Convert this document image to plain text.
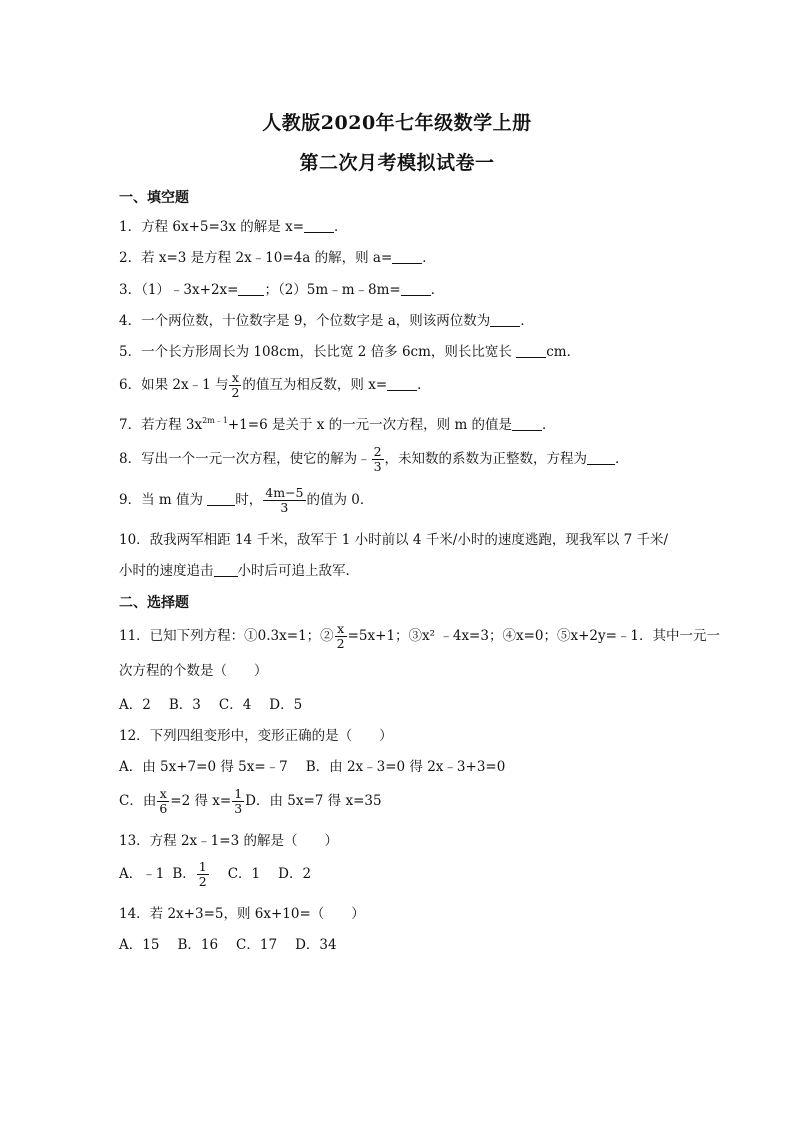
人教版2020年七年级数学上册
第二次月考模拟试卷一
一、填空题
1．方程 6x+5=3x 的解是 x= ．
2．若 x=3 是方程 2x﹣10=4a 的解，则 a= ．
3．（1）﹣3x+2x= ；（2）5m﹣m﹣8m= ．
4．一个两位数，十位数字是 9，个位数字是 a，则该两位数为 ．
5．一个长方形周长为 108cm，长比宽 2 倍多 6cm，则长比宽长 cm．
6．如果 2x﹣1 与 $\frac{x}{2}$ 的值互为相反数，则 x= ．
7．若方程 $3x^{2m﹣1}+1=6$ 是关于 x 的一元一次方程，则 m 的值是 ．
8．写出一个一元一次方程，使它的解为﹣ $\frac{2}{3}$ ，未知数的系数为正整数，方程为 ．
9．当 m 值为 时， $\frac{4m-5}{3}$ 的值为 0．
10．敌我两军相距 14 千米，敌军于 1 小时前以 4 千米/小时的速度逃跑，现我军以 7 千米/
小时的速度追击 小时后可追上敌军．
二、选择题
11．已知下列方程：①0.3x=1；② $\frac{x}{2} =5x+1$；③x² ﹣4x=3；④x=0；⑤x+2y=﹣1．其中一元一
次方程的个数是（　　）
A．2 B．3 C．4 D．5
12．下列四组变形中，变形正确的是（　　）
A．由 5x+7=0 得 5x=﹣7 B．由 2x﹣3=0 得 2x﹣3+3=0
C．由 $\frac{x}{6} =2$ 得 $x= \frac{1}{3}$ D．由 5x=7 得 x=35
13．方程 2x﹣1=3 的解是（　　）
A．﹣1 B． $\frac{1}{2}$ C．1 D．2
14．若 2x+3=5，则 6x+10=（　　）
A．15 B．16 C．17 D．34
